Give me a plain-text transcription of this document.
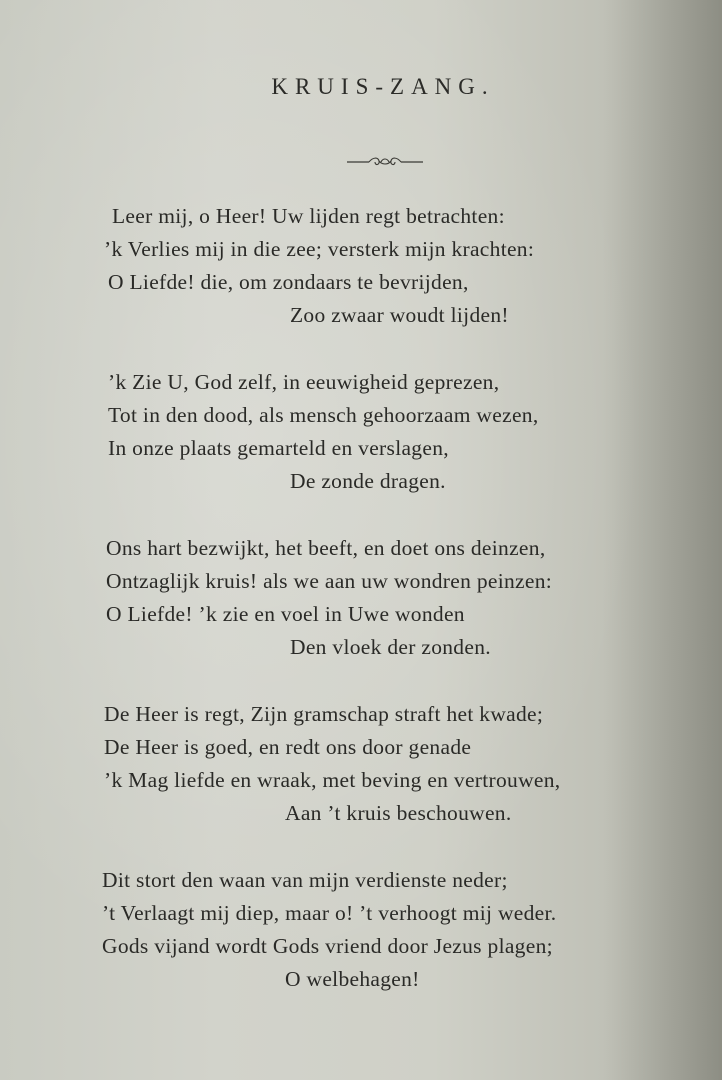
KRUIS-ZANG.
Leer mij, o Heer! Uw lijden regt betrachten:
’k Verlies mij in die zee; versterk mijn krachten:
O Liefde! die, om zondaars te bevrijden,
Zoo zwaar woudt lijden!
’k Zie U, God zelf, in eeuwigheid geprezen,
Tot in den dood, als mensch gehoorzaam wezen,
In onze plaats gemarteld en verslagen,
De zonde dragen.
Ons hart bezwijkt, het beeft, en doet ons deinzen,
Ontzaglijk kruis! als we aan uw wondren peinzen:
O Liefde! ’k zie en voel in Uwe wonden
Den vloek der zonden.
De Heer is regt, Zijn gramschap straft het kwade;
De Heer is goed, en redt ons door genade
’k Mag liefde en wraak, met beving en vertrouwen,
Aan ’t kruis beschouwen.
Dit stort den waan van mijn verdienste neder;
’t Verlaagt mij diep, maar o! ’t verhoogt mij weder.
Gods vijand wordt Gods vriend door Jezus plagen;
O welbehagen!
